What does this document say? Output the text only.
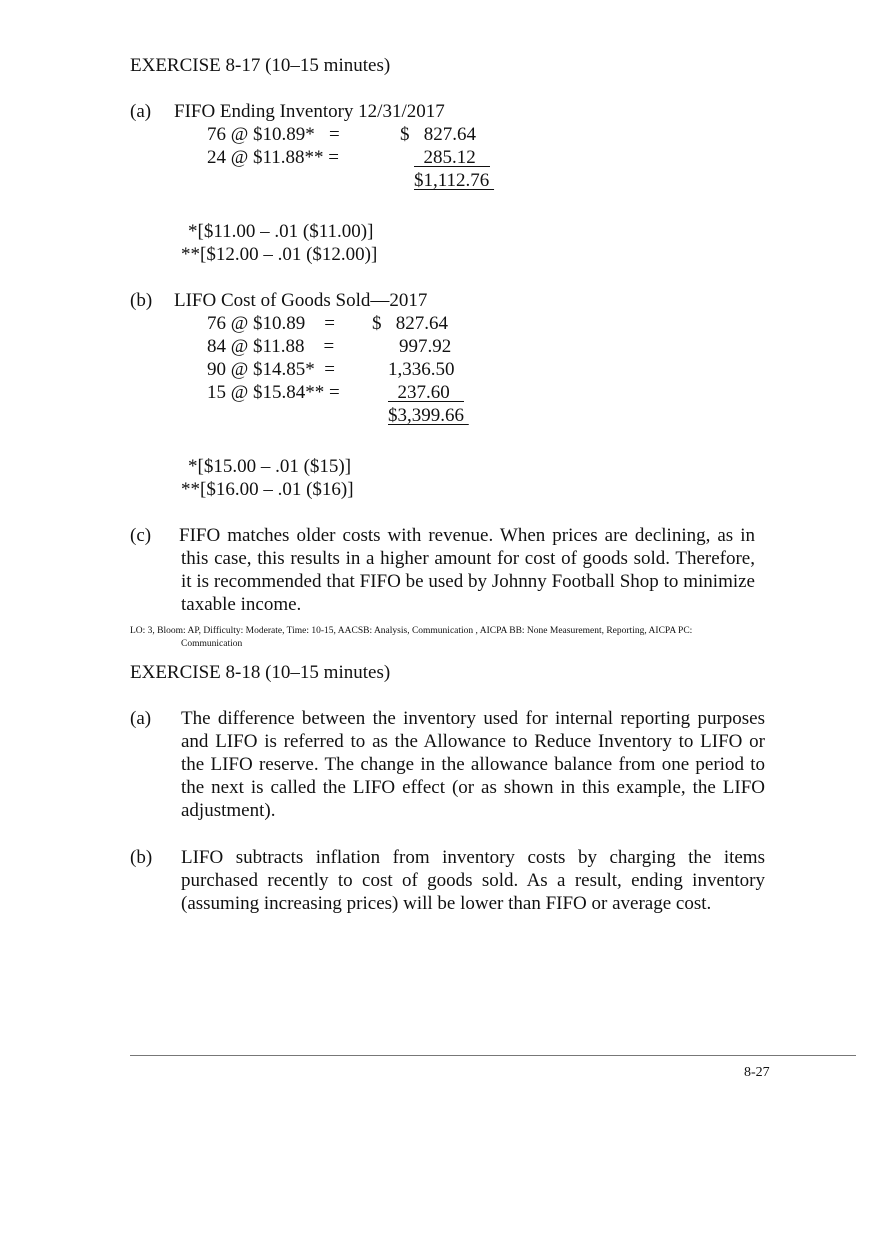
EXERCISE 8-17 (10–15 minutes)
(a) FIFO Ending Inventory 12/31/2017
76 @ $10.89*   =	$   827.64
24 @ $11.88** =	285.12
$1,112.76
*[$11.00 – .01 ($11.00)]
**[$12.00 – .01 ($12.00)]
(b) LIFO Cost of Goods Sold—2017
76 @ $10.89    = $   827.64
84 @ $11.88    =	997.92
90 @ $14.85*  =	1,336.50
15 @ $15.84** =	237.60
$3,399.66
*[$15.00 – .01 ($15)]
**[$16.00 – .01 ($16)]
(c) FIFO matches older costs with revenue. When prices are declining, as in this case, this results in a higher amount for cost of goods sold. Therefore, it is recommended that FIFO be used by Johnny Football Shop to minimize taxable income.
LO: 3, Bloom: AP, Difficulty: Moderate, Time: 10-15, AACSB: Analysis, Communication , AICPA BB: None Measurement, Reporting, AICPA PC:
Communication
EXERCISE 8-18 (10–15 minutes)
(a) The difference between the inventory used for internal reporting purposes and LIFO is referred to as the Allowance to Reduce Inventory to LIFO or the LIFO reserve. The change in the allowance balance from one period to the next is called the LIFO effect (or as shown in this example, the LIFO adjustment).
(b) LIFO subtracts inflation from inventory costs by charging the items purchased recently to cost of goods sold. As a result, ending inventory (assuming increasing prices) will be lower than FIFO or average cost.
8-27
